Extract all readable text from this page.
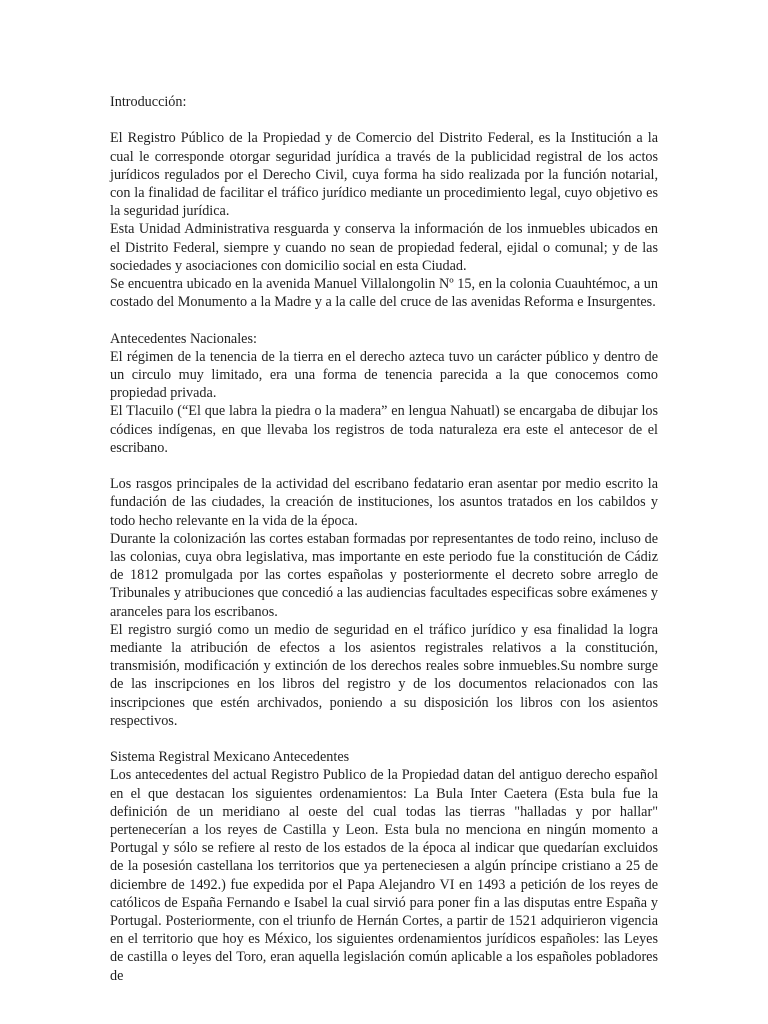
Introducción:

El Registro Público de la Propiedad y de Comercio del Distrito Federal, es la Institución a la cual le corresponde otorgar seguridad jurídica a través de la publicidad registral de los actos jurídicos regulados por el Derecho Civil, cuya forma ha sido realizada por la función notarial, con la finalidad de facilitar el tráfico jurídico mediante un procedimiento legal, cuyo objetivo es la seguridad jurídica.

Esta Unidad Administrativa resguarda y conserva la información de los inmuebles ubicados en el Distrito Federal, siempre y cuando no sean de propiedad federal, ejidal o comunal; y de las sociedades y asociaciones con domicilio social en esta Ciudad.

Se encuentra ubicado en la avenida Manuel Villalongolin Nº 15, en la colonia Cuauhtémoc, a un costado del Monumento a la Madre y a la calle del cruce de las avenidas Reforma e Insurgentes.

Antecedentes Nacionales:

El régimen de la tenencia de la tierra en el derecho azteca tuvo un carácter público y dentro de un circulo muy limitado, era una forma de tenencia parecida a la que conocemos como propiedad privada.

El Tlacuilo (“El que labra la piedra o la madera” en lengua Nahuatl) se encargaba de dibujar los códices indígenas, en que llevaba los registros de toda naturaleza era este el antecesor de el escribano.

Los rasgos principales de la actividad del escribano fedatario eran asentar por medio escrito la fundación de las ciudades, la creación de instituciones, los asuntos tratados en los cabildos y todo hecho relevante en la vida de la época.

Durante la colonización las cortes estaban formadas por representantes de todo reino, incluso de las colonias, cuya obra legislativa, mas importante en este periodo fue la constitución de Cádiz de 1812 promulgada por las cortes españolas y posteriormente el decreto sobre arreglo de Tribunales y atribuciones que concedió a las audiencias facultades especificas sobre exámenes y aranceles para los escribanos.

El registro surgió como un medio de seguridad en el tráfico jurídico y esa finalidad la logra mediante la atribución de efectos a los asientos registrales relativos a la constitución, transmisión, modificación y extinción de los derechos reales sobre inmuebles.Su nombre surge de las inscripciones en los libros del registro y de los documentos relacionados con las inscripciones que estén archivados, poniendo a su disposición los libros con los asientos respectivos.

Sistema Registral Mexicano Antecedentes

Los antecedentes del actual Registro Publico de la Propiedad datan del antiguo derecho español en el que destacan los siguientes ordenamientos: La Bula Inter Caetera (Esta bula fue la definición de un meridiano al oeste del cual todas las tierras "halladas y por hallar" pertenecerían a los reyes de Castilla y Leon. Esta bula no menciona en ningún momento a Portugal y sólo se refiere al resto de los estados de la época al indicar que quedarían excluidos de la posesión castellana los territorios que ya perteneciesen a algún príncipe cristiano a 25 de diciembre de 1492.) fue expedida por el Papa Alejandro VI en 1493 a petición de los reyes de católicos de España Fernando e Isabel la cual sirvió para poner fin a las disputas entre España y Portugal. Posteriormente, con el triunfo de Hernán Cortes, a partir de 1521 adquirieron vigencia en el territorio que hoy es México, los siguientes ordenamientos jurídicos españoles: las Leyes de castilla o leyes del Toro, eran aquella legislación común aplicable a los españoles pobladores de
